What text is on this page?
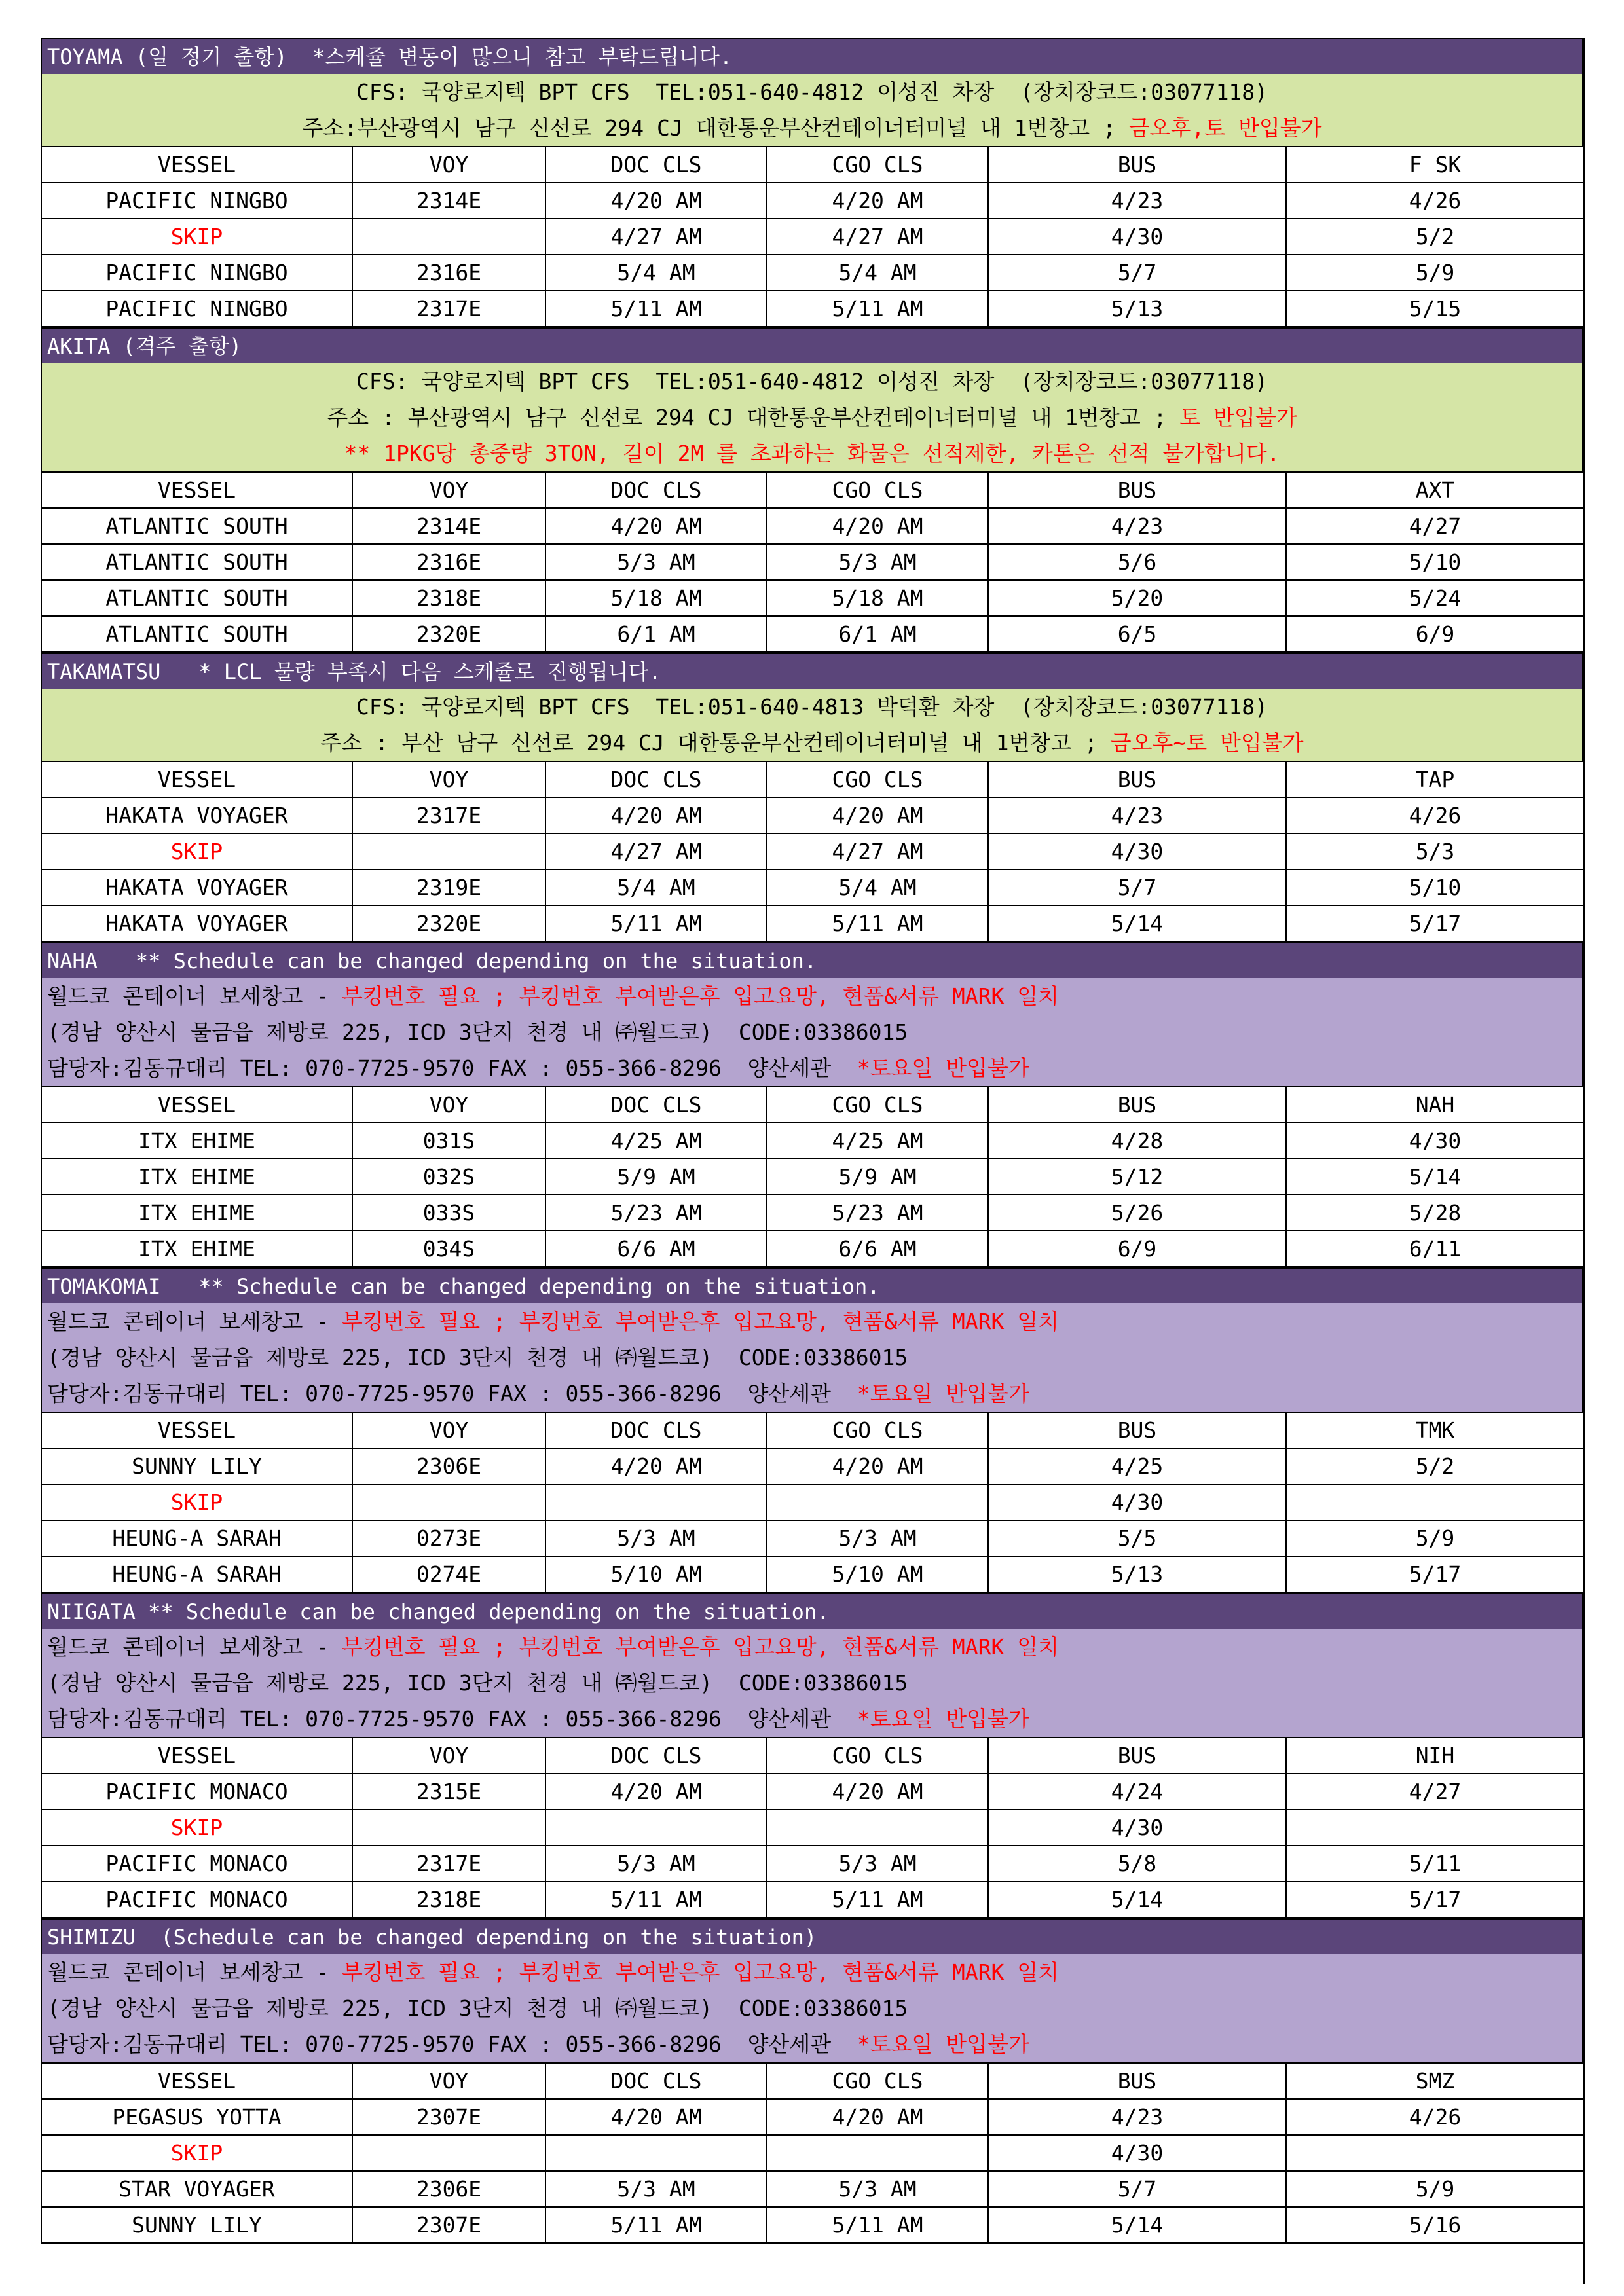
TOYAMA (일 정기 출항)  *스케쥴 변동이 많으니 참고 부탁드립니다.
CFS: 국양로지텍 BPT CFS  TEL:051-640-4812 이성진 차장  (장치장코드:03077118)
주소:부산광역시 남구 신선로 294 CJ 대한통운부산컨테이너터미널 내 1번창고 ; 금오후,토 반입불가
VESSEL	VOY	DOC CLS	CGO CLS	BUS	F SK
PACIFIC NINGBO	2314E	4/20 AM	4/20 AM	4/23	4/26
SKIP		4/27 AM	4/27 AM	4/30	5/2
PACIFIC NINGBO	2316E	5/4 AM	5/4 AM	5/7	5/9
PACIFIC NINGBO	2317E	5/11 AM	5/11 AM	5/13	5/15
AKITA (격주 출항)
CFS: 국양로지텍 BPT CFS  TEL:051-640-4812 이성진 차장  (장치장코드:03077118)
주소 : 부산광역시 남구 신선로 294 CJ 대한통운부산컨테이너터미널 내 1번창고 ; 토 반입불가
** 1PKG당 총중량 3TON, 길이 2M 를 초과하는 화물은 선적제한, 카톤은 선적 불가합니다.
VESSEL	VOY	DOC CLS	CGO CLS	BUS	AXT
ATLANTIC SOUTH	2314E	4/20 AM	4/20 AM	4/23	4/27
ATLANTIC SOUTH	2316E	5/3 AM	5/3 AM	5/6	5/10
ATLANTIC SOUTH	2318E	5/18 AM	5/18 AM	5/20	5/24
ATLANTIC SOUTH	2320E	6/1 AM	6/1 AM	6/5	6/9
TAKAMATSU   * LCL 물량 부족시 다음 스케쥴로 진행됩니다.
CFS: 국양로지텍 BPT CFS  TEL:051-640-4813 박덕환 차장  (장치장코드:03077118)
주소 : 부산 남구 신선로 294 CJ 대한통운부산컨테이너터미널 내 1번창고 ; 금오후~토 반입불가
VESSEL	VOY	DOC CLS	CGO CLS	BUS	TAP
HAKATA VOYAGER	2317E	4/20 AM	4/20 AM	4/23	4/26
SKIP		4/27 AM	4/27 AM	4/30	5/3
HAKATA VOYAGER	2319E	5/4 AM	5/4 AM	5/7	5/10
HAKATA VOYAGER	2320E	5/11 AM	5/11 AM	5/14	5/17
NAHA   ** Schedule can be changed depending on the situation.
월드코 콘테이너 보세창고 - 부킹번호 필요 ; 부킹번호 부여받은후 입고요망, 현품&서류 MARK 일치
(경남 양산시 물금읍 제방로 225, ICD 3단지 천경 내 ㈜월드코)  CODE:03386015
담당자:김동규대리 TEL: 070-7725-9570 FAX : 055-366-8296  양산세관  *토요일 반입불가
VESSEL	VOY	DOC CLS	CGO CLS	BUS	NAH
ITX EHIME	031S	4/25 AM	4/25 AM	4/28	4/30
ITX EHIME	032S	5/9 AM	5/9 AM	5/12	5/14
ITX EHIME	033S	5/23 AM	5/23 AM	5/26	5/28
ITX EHIME	034S	6/6 AM	6/6 AM	6/9	6/11
TOMAKOMAI   ** Schedule can be changed depending on the situation.
월드코 콘테이너 보세창고 - 부킹번호 필요 ; 부킹번호 부여받은후 입고요망, 현품&서류 MARK 일치
(경남 양산시 물금읍 제방로 225, ICD 3단지 천경 내 ㈜월드코)  CODE:03386015
담당자:김동규대리 TEL: 070-7725-9570 FAX : 055-366-8296  양산세관  *토요일 반입불가
VESSEL	VOY	DOC CLS	CGO CLS	BUS	TMK
SUNNY LILY	2306E	4/20 AM	4/20 AM	4/25	5/2
SKIP				4/30	
HEUNG-A SARAH	0273E	5/3 AM	5/3 AM	5/5	5/9
HEUNG-A SARAH	0274E	5/10 AM	5/10 AM	5/13	5/17
NIIGATA ** Schedule can be changed depending on the situation.
월드코 콘테이너 보세창고 - 부킹번호 필요 ; 부킹번호 부여받은후 입고요망, 현품&서류 MARK 일치
(경남 양산시 물금읍 제방로 225, ICD 3단지 천경 내 ㈜월드코)  CODE:03386015
담당자:김동규대리 TEL: 070-7725-9570 FAX : 055-366-8296  양산세관  *토요일 반입불가
VESSEL	VOY	DOC CLS	CGO CLS	BUS	NIH
PACIFIC MONACO	2315E	4/20 AM	4/20 AM	4/24	4/27
SKIP				4/30	
PACIFIC MONACO	2317E	5/3 AM	5/3 AM	5/8	5/11
PACIFIC MONACO	2318E	5/11 AM	5/11 AM	5/14	5/17
SHIMIZU  (Schedule can be changed depending on the situation)
월드코 콘테이너 보세창고 - 부킹번호 필요 ; 부킹번호 부여받은후 입고요망, 현품&서류 MARK 일치
(경남 양산시 물금읍 제방로 225, ICD 3단지 천경 내 ㈜월드코)  CODE:03386015
담당자:김동규대리 TEL: 070-7725-9570 FAX : 055-366-8296  양산세관  *토요일 반입불가
VESSEL	VOY	DOC CLS	CGO CLS	BUS	SMZ
PEGASUS YOTTA	2307E	4/20 AM	4/20 AM	4/23	4/26
SKIP				4/30	
STAR VOYAGER	2306E	5/3 AM	5/3 AM	5/7	5/9
SUNNY LILY	2307E	5/11 AM	5/11 AM	5/14	5/16
